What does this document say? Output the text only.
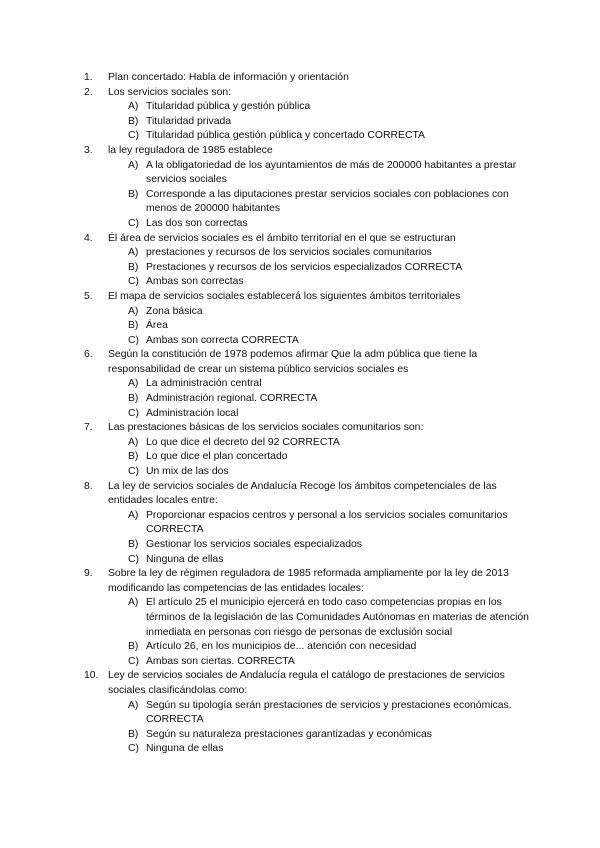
1.	Plan concertado: Habla de información y orientación
2.	Los servicios sociales son:
A) Titularidad pública y gestión pública
B) Titularidad privada
C) Titularidad pública gestión pública y concertado CORRECTA
3.	la ley reguladora de 1985 establece
A) A la obligatoriedad de los ayuntamientos de más de 200000 habitantes a prestar servicios sociales
B) Corresponde a las diputaciones prestar servicios sociales con poblaciones con menos de 200000 habitantes
C) Las dos son correctas
4.	Él área de servicios sociales es el ámbito territorial en el que se estructuran
A) prestaciones y recursos de los servicios sociales comunitarios
B) Prestaciones y recursos de los servicios especializados CORRECTA
C) Ambas son correctas
5.	El mapa de servicios sociales establecerá los siguientes ámbitos territoriales
A) Zona básica
B) Área
C) Ambas son correcta CORRECTA
6.	Según la constitución de 1978 podemos afirmar Que la adm pública que tiene la responsabilidad de crear un sistema público servicios sociales es
A) La administración central
B) Administración regional. CORRECTA
C) Administración local
7.	Las prestaciones básicas de los servicios sociales comunitarios son:
A) Lo que dice el decreto del 92 CORRECTA
B) Lo que dice el plan concertado
C) Un mix de las dos
8.	La ley de servicios sociales de Andalucía Recoge los ámbitos competenciales de las entidades locales entre:
A) Proporcionar espacios centros y personal a los servicios sociales comunitarios CORRECTA
B) Gestionar los servicios sociales especializados
C) Ninguna de ellas
9.	Sobre la ley de régimen reguladora de 1985 reformada ampliamente por la ley de 2013 modificando las competencias de las entidades locales:
A) El artículo 25 el municipio ejercerá en todo caso competencias propias en los términos de la legislación de las Comunidades Autónomas en materias de atención inmediata en personas con riesgo de personas de exclusión social
B) Artículo 26, en los municipios de... atención con necesidad
C) Ambas son ciertas. CORRECTA
10. Ley de servicios sociales de Andalucía regula el catálogo de prestaciones de servicios sociales clasificándolas como:
A) Según su tipología serán prestaciones de servicios y prestaciones económicas. CORRECTA
B) Según su naturaleza prestaciones garantizadas y económicas
C) Ninguna de ellas
